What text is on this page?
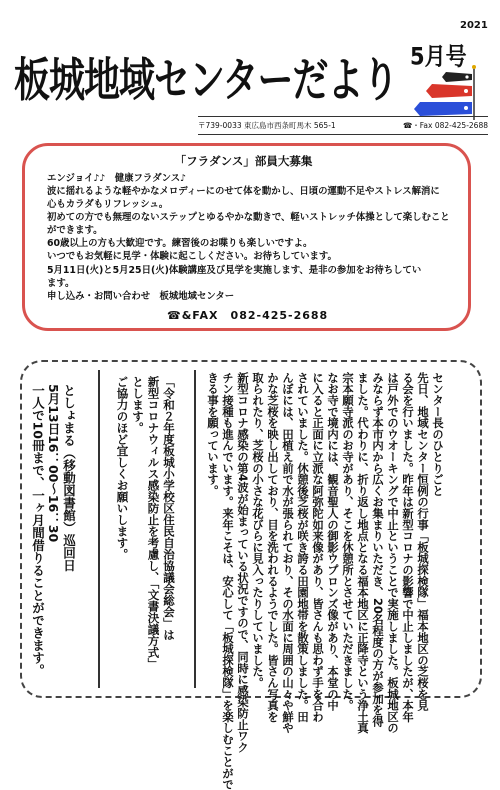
2021
板城地域センターだより 5月号
〒739-0033 東広島市西条町馬木 565-1	☎・Fax 082-425-2688
「フラダンス」部員大募集
エンジョイ♪♪　健康フラダンス♪
波に揺れるような軽やかなメロディーにのせて体を動かし、日頃の運動不足やストレス解消に
心もカラダもリフレッシュ。
初めての方でも無理のないステップとゆるやかな動きで、軽いストレッチ体操として楽しむこと
ができます。
60歳以上の方も大歓迎です。練習後のお喋りも楽しいですよ。
いつでもお気軽に見学・体験に起こしください。お待ちしています。
5月11日(火)と5月25日(火)体験講座及び見学を実施します、是非の参加をお待ちしてい
ます。
申し込み・お問い合わせ　板城地域センター
☎&FAX　082-425-2688
センター長のひとりごと
先日、地域センター恒例の行事「板城探検隊」福本地区の芝桜を見
る会を行いました。昨年は新型コロナの影響で中止しましたが、本年
は戸外でのウオーキングで中止ということで実施しました。板城地区の
みならず本市内から広くお集まりいただき、20名程度の方が参加を得
ました。代わりに、折り返し地点となる福本地区に正降寺という浄土真
宗本願寺派のお寺があり、そこを休憩所とさせていただきました。
なお寺で境内には、観音聖人の御影ウプロンズ像があり、本堂の中
に入ると正面に立派な阿弥陀如来像があり、皆さんも思わず手を合わ
されていました。休憩後芝桜が咲き誇る田園地帯を散策しました。田
んぼには、田植え前で水が張られており、その水面に周囲の山々や鮮や
かな芝桜を映し出しており、目を洗われるようでした。皆さん写真を
取られたり、芝桜の小さな花びらに見入ったりしていました。
新型コロナ感染の第4波が始まっている状況ですので、同時に感染防止ワク
チン接種も進んでいます。来年こそは、安心して「板城探検隊」を楽しむことがで
きる事を願っています。
「令和２年度板城小学校区住民自治協議会総会」は
新型コロナウィルス感染防止を考慮し、「文書決議方式」
とします。
ご協力のほど宜しくお願いします。
としょまる（移動図書館）巡回日
5月13日16：00〜16：30
一人で10冊まで、一ヶ月間借りることができます。
